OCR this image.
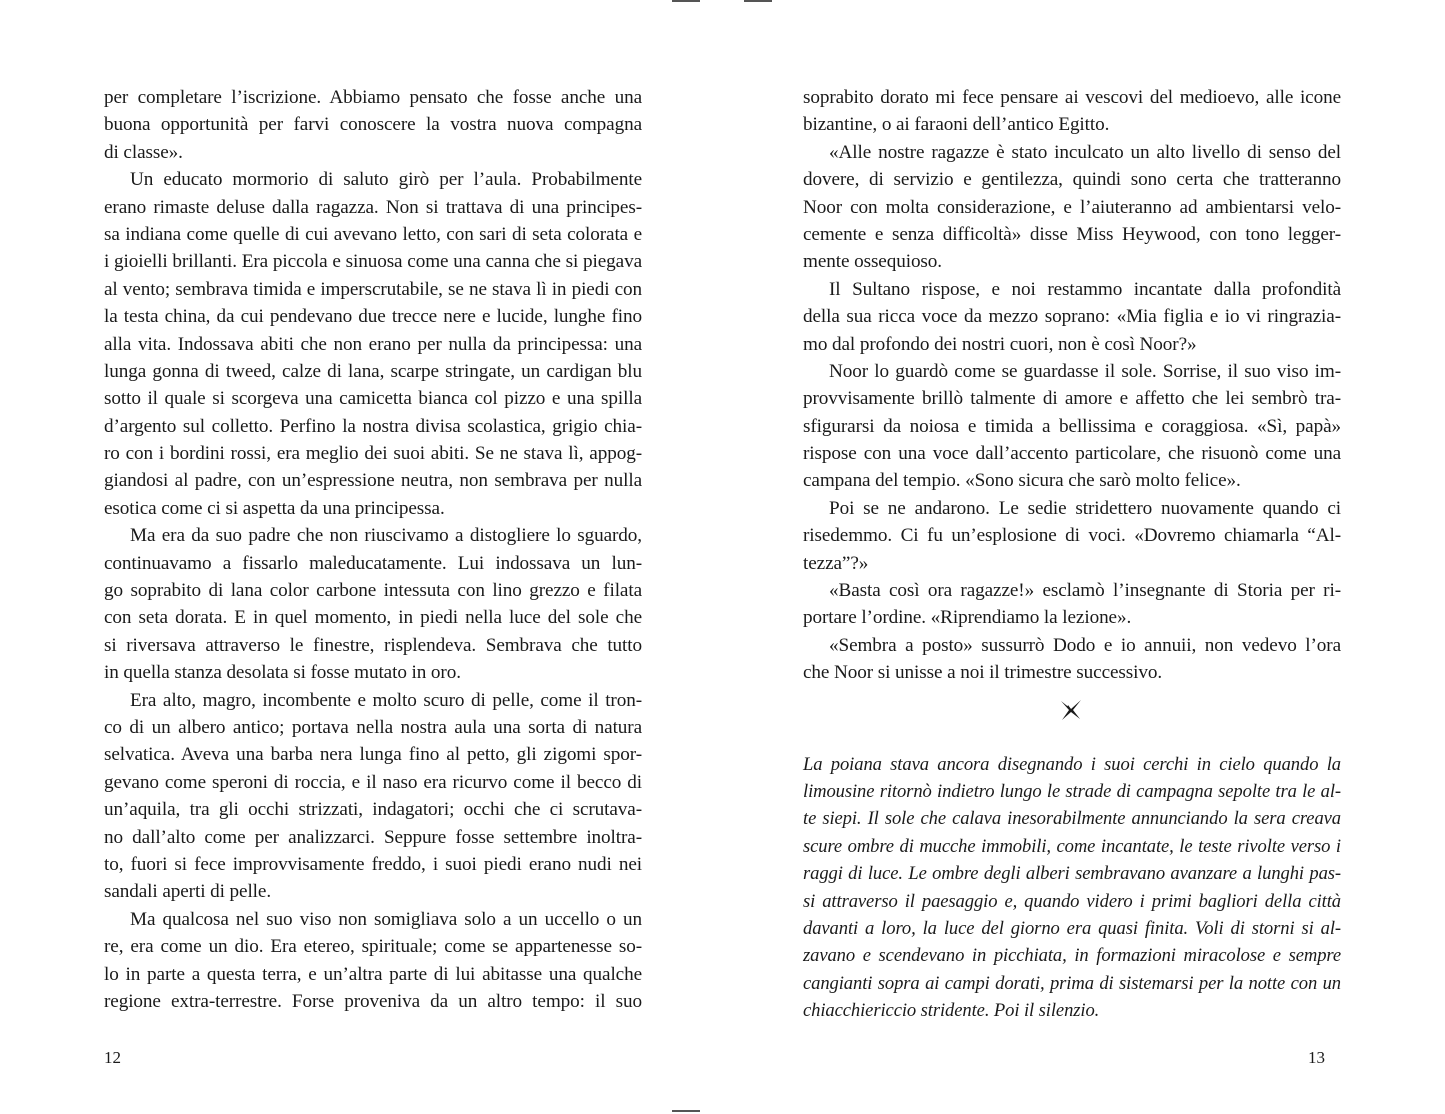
per completare l’iscrizione. Abbiamo pensato che fosse anche una
buona opportunità per farvi conoscere la vostra nuova compagna
di classe».
Un educato mormorio di saluto girò per l’aula. Probabilmente
erano rimaste deluse dalla ragazza. Non si trattava di una principes-
sa indiana come quelle di cui avevano letto, con sari di seta colorata e
i gioielli brillanti. Era piccola e sinuosa come una canna che si piegava
al vento; sembrava timida e imperscrutabile, se ne stava lì in piedi con
la testa china, da cui pendevano due trecce nere e lucide, lunghe fino
alla vita. Indossava abiti che non erano per nulla da principessa: una
lunga gonna di tweed, calze di lana, scarpe stringate, un cardigan blu
sotto il quale si scorgeva una camicetta bianca col pizzo e una spilla
d’argento sul colletto. Perfino la nostra divisa scolastica, grigio chia-
ro con i bordini rossi, era meglio dei suoi abiti. Se ne stava lì, appog-
giandosi al padre, con un’espressione neutra, non sembrava per nulla
esotica come ci si aspetta da una principessa.
Ma era da suo padre che non riuscivamo a distogliere lo sguardo,
continuavamo a fissarlo maleducatamente. Lui indossava un lun-
go soprabito di lana color carbone intessuta con lino grezzo e filata
con seta dorata. E in quel momento, in piedi nella luce del sole che
si riversava attraverso le finestre, risplendeva. Sembrava che tutto
in quella stanza desolata si fosse mutato in oro.
Era alto, magro, incombente e molto scuro di pelle, come il tron-
co di un albero antico; portava nella nostra aula una sorta di natura
selvatica. Aveva una barba nera lunga fino al petto, gli zigomi spor-
gevano come speroni di roccia, e il naso era ricurvo come il becco di
un’aquila, tra gli occhi strizzati, indagatori; occhi che ci scrutava-
no dall’alto come per analizzarci. Seppure fosse settembre inoltra-
to, fuori si fece improvvisamente freddo, i suoi piedi erano nudi nei
sandali aperti di pelle.
Ma qualcosa nel suo viso non somigliava solo a un uccello o un
re, era come un dio. Era etereo, spirituale; come se appartenesse so-
lo in parte a questa terra, e un’altra parte di lui abitasse una qualche
regione extra-terrestre. Forse proveniva da un altro tempo: il suo
soprabito dorato mi fece pensare ai vescovi del medioevo, alle icone
bizantine, o ai faraoni dell’antico Egitto.
«Alle nostre ragazze è stato inculcato un alto livello di senso del
dovere, di servizio e gentilezza, quindi sono certa che tratteranno
Noor con molta considerazione, e l’aiuteranno ad ambientarsi velo-
cemente e senza difficoltà» disse Miss Heywood, con tono legger-
mente ossequioso.
Il Sultano rispose, e noi restammo incantate dalla profondità
della sua ricca voce da mezzo soprano: «Mia figlia e io vi ringrazia-
mo dal profondo dei nostri cuori, non è così Noor?»
Noor lo guardò come se guardasse il sole. Sorrise, il suo viso im-
provvisamente brillò talmente di amore e affetto che lei sembrò tra-
sfigurarsi da noiosa e timida a bellissima e coraggiosa. «Sì, papà»
rispose con una voce dall’accento particolare, che risuonò come una
campana del tempio. «Sono sicura che sarò molto felice».
Poi se ne andarono. Le sedie stridettero nuovamente quando ci
risedemmo. Ci fu un’esplosione di voci. «Dovremo chiamarla “Al-
tezza”?»
«Basta così ora ragazze!» esclamò l’insegnante di Storia per ri-
portare l’ordine. «Riprendiamo la lezione».
«Sembra a posto» sussurrò Dodo e io annuii, non vedevo l’ora
che Noor si unisse a noi il trimestre successivo.
La poiana stava ancora disegnando i suoi cerchi in cielo quando la
limousine ritornò indietro lungo le strade di campagna sepolte tra le al-
te siepi. Il sole che calava inesorabilmente annunciando la sera creava
scure ombre di mucche immobili, come incantate, le teste rivolte verso i
raggi di luce. Le ombre degli alberi sembravano avanzare a lunghi pas-
si attraverso il paesaggio e, quando videro i primi bagliori della città
davanti a loro, la luce del giorno era quasi finita. Voli di storni si al-
zavano e scendevano in picchiata, in formazioni miracolose e sempre
cangianti sopra ai campi dorati, prima di sistemarsi per la notte con un
chiacchiericcio stridente. Poi il silenzio.
12	13
